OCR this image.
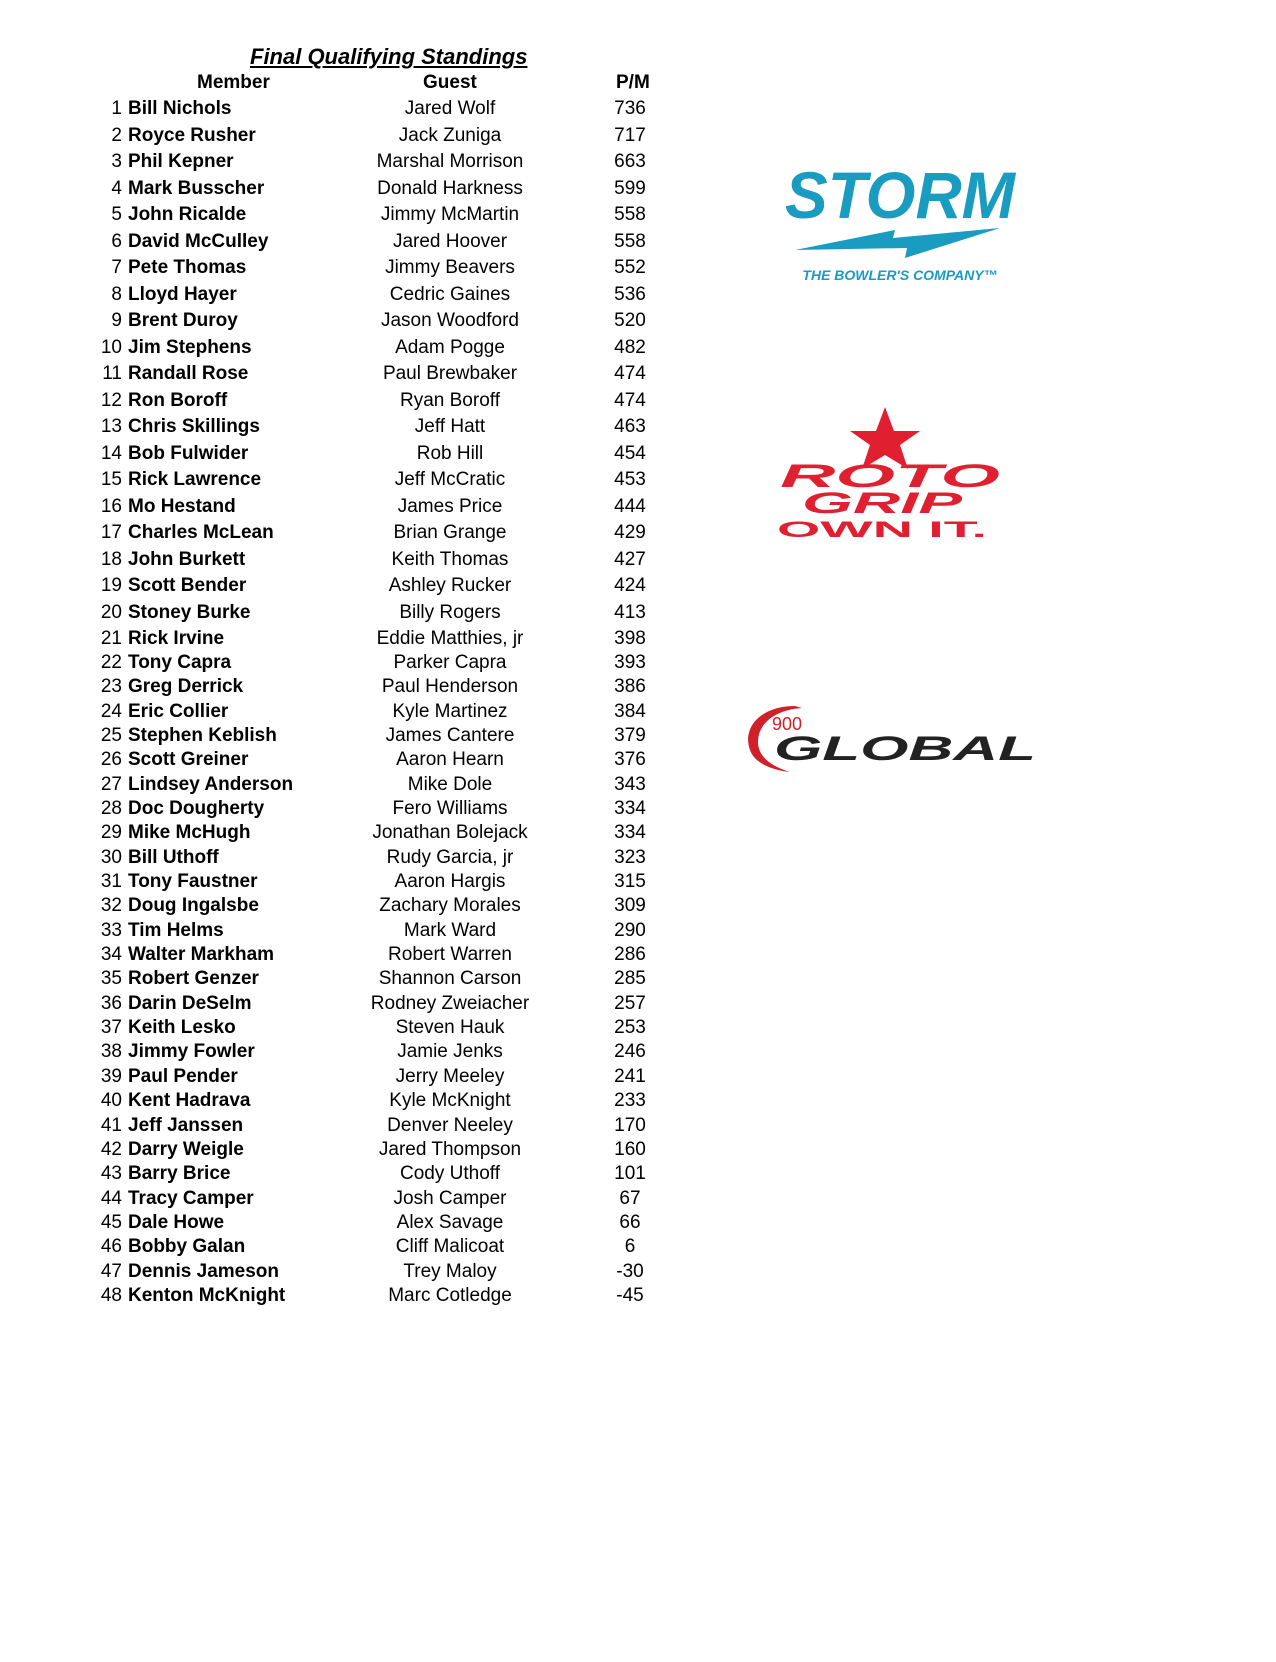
Final Qualifying Standings
Member	Guest	P/M
1 Bill Nichols	Jared Wolf	736
2 Royce Rusher	Jack Zuniga	717
3 Phil Kepner	Marshal Morrison	663
4 Mark Busscher	Donald Harkness	599
5 John Ricalde	Jimmy McMartin	558
6 David McCulley	Jared Hoover	558
7 Pete Thomas	Jimmy Beavers	552
8 Lloyd Hayer	Cedric Gaines	536
9 Brent Duroy	Jason Woodford	520
10 Jim Stephens	Adam Pogge	482
11 Randall Rose	Paul Brewbaker	474
12 Ron Boroff	Ryan Boroff	474
13 Chris Skillings	Jeff Hatt	463
14 Bob Fulwider	Rob Hill	454
15 Rick Lawrence	Jeff McCratic	453
16 Mo Hestand	James Price	444
17 Charles McLean	Brian Grange	429
18 John Burkett	Keith Thomas	427
19 Scott Bender	Ashley Rucker	424
20 Stoney Burke	Billy Rogers	413
21 Rick Irvine	Eddie Matthies, jr	398
22 Tony Capra	Parker Capra	393
23 Greg Derrick	Paul Henderson	386
24 Eric Collier	Kyle Martinez	384
25 Stephen Keblish	James Cantere	379
26 Scott Greiner	Aaron Hearn	376
27 Lindsey Anderson	Mike Dole	343
28 Doc Dougherty	Fero Williams	334
29 Mike McHugh	Jonathan Bolejack	334
30 Bill Uthoff	Rudy Garcia, jr	323
31 Tony Faustner	Aaron Hargis	315
32 Doug Ingalsbe	Zachary Morales	309
33 Tim Helms	Mark Ward	290
34 Walter Markham	Robert Warren	286
35 Robert Genzer	Shannon Carson	285
36 Darin DeSelm	Rodney Zweiacher	257
37 Keith Lesko	Steven Hauk	253
38 Jimmy Fowler	Jamie Jenks	246
39 Paul Pender	Jerry Meeley	241
40 Kent Hadrava	Kyle McKnight	233
41 Jeff Janssen	Denver Neeley	170
42 Darry Weigle	Jared Thompson	160
43 Barry Brice	Cody Uthoff	101
44 Tracy Camper	Josh Camper	67
45 Dale Howe	Alex Savage	66
46 Bobby Galan	Cliff Malicoat	6
47 Dennis Jameson	Trey Maloy	-30
48 Kenton McKnight	Marc Cotledge	-45
STORM
THE BOWLER'S COMPANY™
ROTO
GRIP
OWN IT.
900
GLOBAL
